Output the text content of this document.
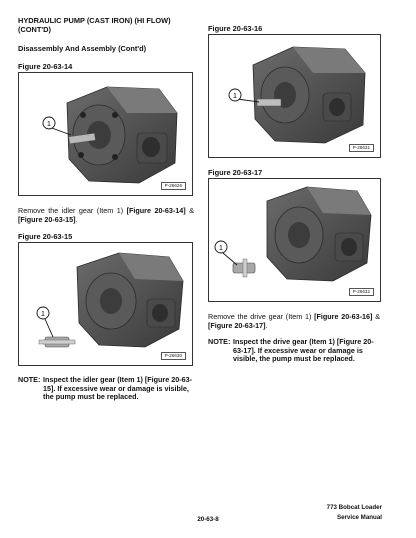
HYDRAULIC PUMP (CAST IRON) (HI FLOW) (CONT'D)
Disassembly And Assembly (Cont'd)
Figure 20-63-14
1
P-26626
Remove the idler gear (Item 1) [Figure 20-63-14] & [Figure 20-63-15].
Figure 20-63-15
1
P-26630
NOTE: Inspect the idler gear (Item 1) [Figure 20-63-15]. If excessive wear or damage is visible, the pump must be replaced.
Figure 20-63-16
1
P-26631
Figure 20-63-17
1
P-26632
Remove the drive gear (Item 1) [Figure 20-63-16] & [Figure 20-63-17].
NOTE: Inspect the drive gear (Item 1) [Figure 20-63-17]. If excessive wear or damage is visible, the pump must be replaced.
20-63-8
773 Bobcat Loader
Service Manual
